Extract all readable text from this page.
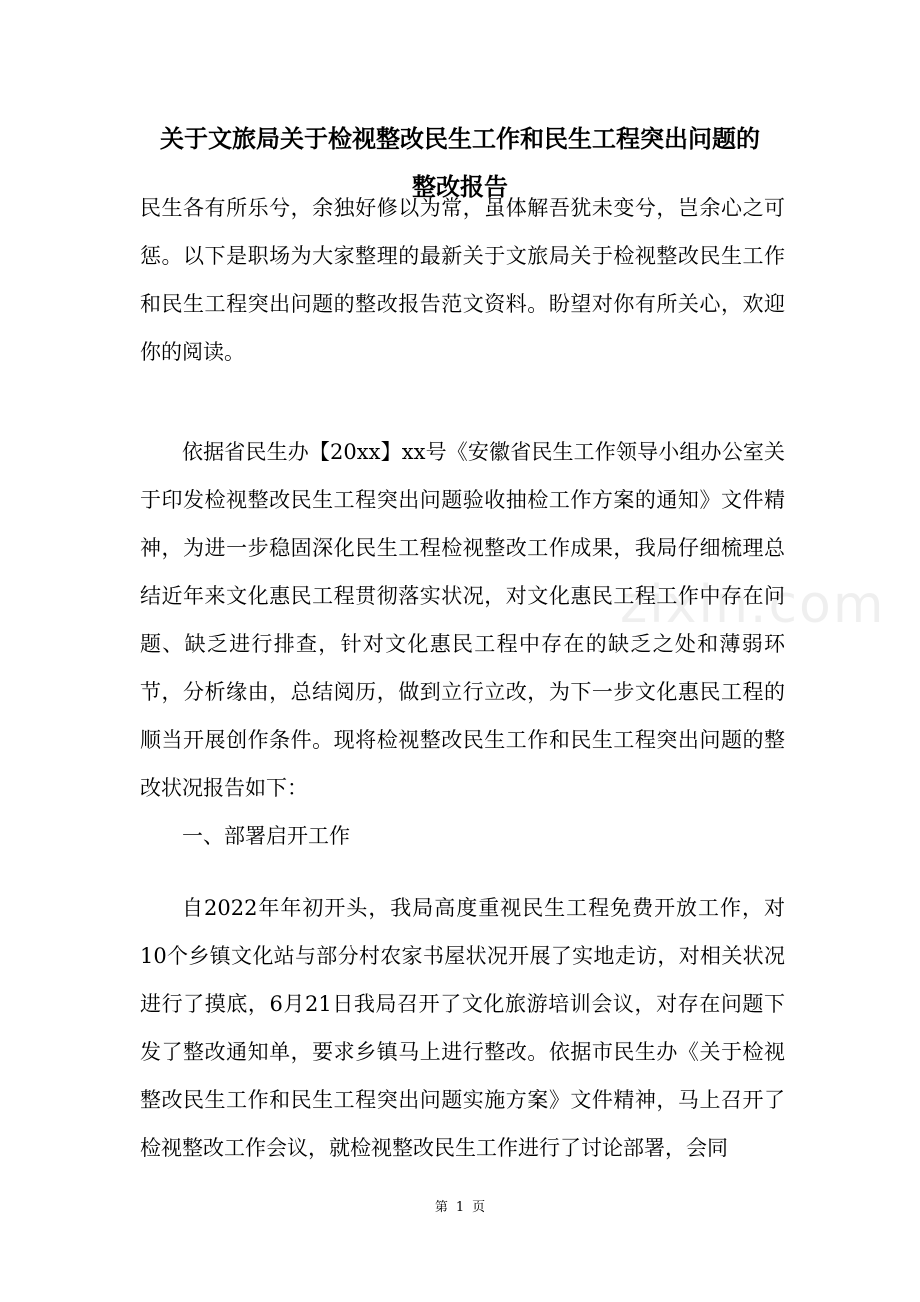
zixin.com
关于文旅局关于检视整改民生工作和民生工程突出问题的
整改报告

民生各有所乐兮，余独好修以为常，虽体解吾犹未变兮，岂余心之可惩。以下是职场为大家整理的最新关于文旅局关于检视整改民生工作和民生工程突出问题的整改报告范文资料。盼望对你有所关心，欢迎你的阅读。

依据省民生办【20xx】xx号《安徽省民生工作领导小组办公室关于印发检视整改民生工程突出问题验收抽检工作方案的通知》文件精神，为进一步稳固深化民生工程检视整改工作成果，我局仔细梳理总结近年来文化惠民工程贯彻落实状况，对文化惠民工程工作中存在问题、缺乏进行排查，针对文化惠民工程中存在的缺乏之处和薄弱环节，分析缘由，总结阅历，做到立行立改，为下一步文化惠民工程的顺当开展创作条件。现将检视整改民生工作和民生工程突出问题的整改状况报告如下：

一、部署启开工作

自2022年年初开头，我局高度重视民生工程免费开放工作，对10个乡镇文化站与部分村农家书屋状况开展了实地走访，对相关状况进行了摸底，6月21日我局召开了文化旅游培训会议，对存在问题下发了整改通知单，要求乡镇马上进行整改。依据市民生办《关于检视整改民生工作和民生工程突出问题实施方案》文件精神，马上召开了检视整改工作会议，就检视整改民生工作进行了讨论部署，会同

第 1 页
